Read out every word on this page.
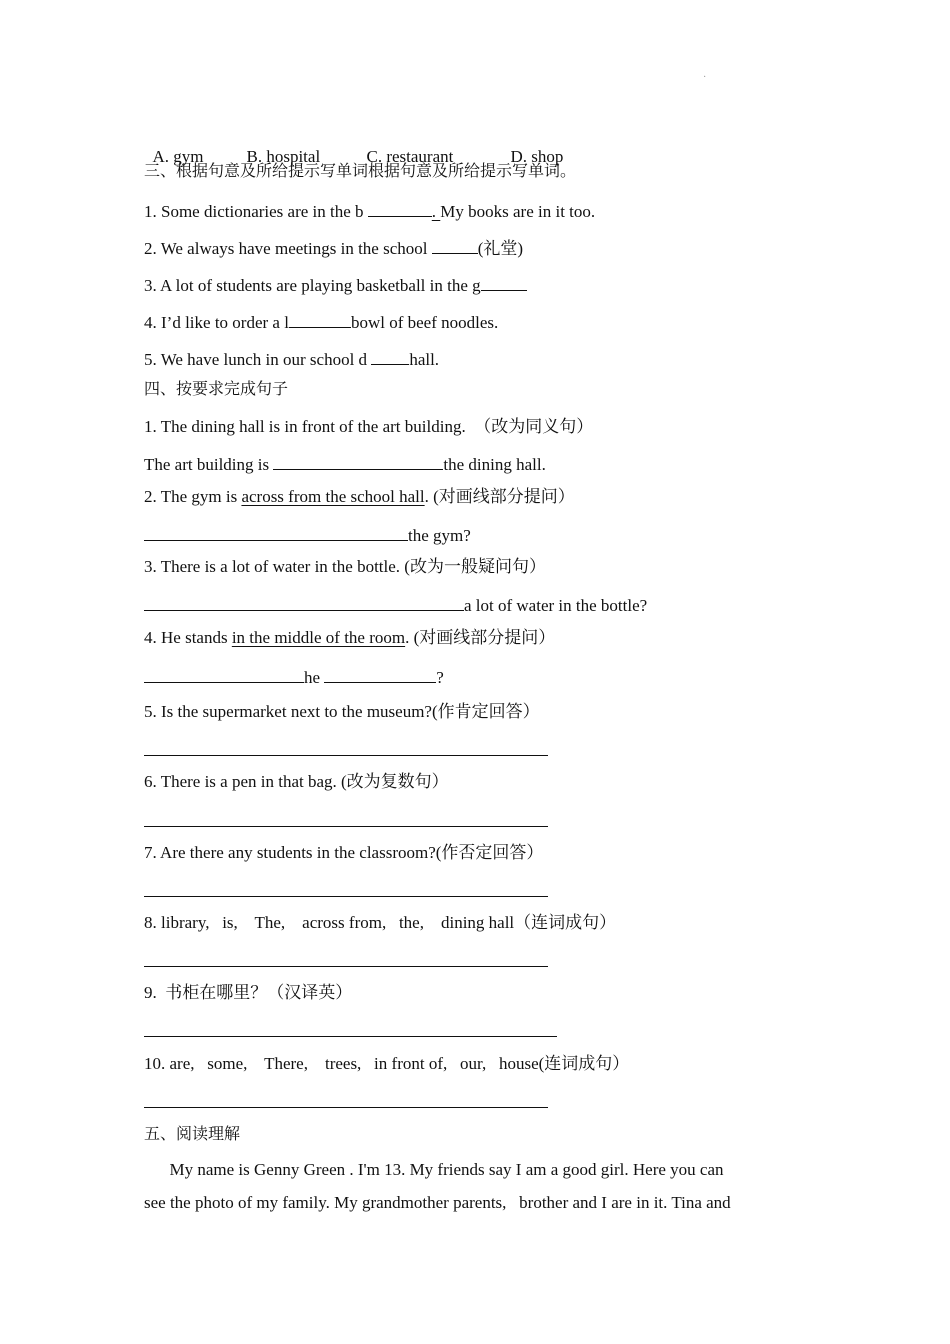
·

A. gym	B. hospital	C. restaurant	D. shop

三、根据句意及所给提示写单词根据句意及所给提示写单词。
1. Some dictionaries are in the b	. My books are in it too.
2. We always have meetings in the school	(礼堂)
3. A lot of students are playing basketball in the g
4. I’d like to order a l	bowl of beef noodles.
5. We have lunch in our school d hall.
四、按要求完成句子
1. The dining hall is in front of the art building.  （改为同义句）
The art building is	the dining hall.
2. The gym is across from the school hall. (对画线部分提问）
the gym?
3. There is a lot of water in the bottle. (改为一般疑问句）
a lot of water in the bottle?
4. He stands in the middle of the room. (对画线部分提问）
he	?
5. Is the supermarket next to the museum?(作肯定回答）
6. There is a pen in that bag. (改为复数句）
7. Are there any students in the classroom?(作否定回答）
8. library,   is,    The,    across from,   the,    dining hall（连词成句）
9.  书柜在哪里？（汉译英）
10. are,   some,    There,    trees,   in front of,   our,   house(连词成句）
五、阅读理解
My name is Genny Green . I'm 13. My friends say I am a good girl. Here you can
see the photo of my family. My grandmother parents,   brother and I are in it. Tina and
